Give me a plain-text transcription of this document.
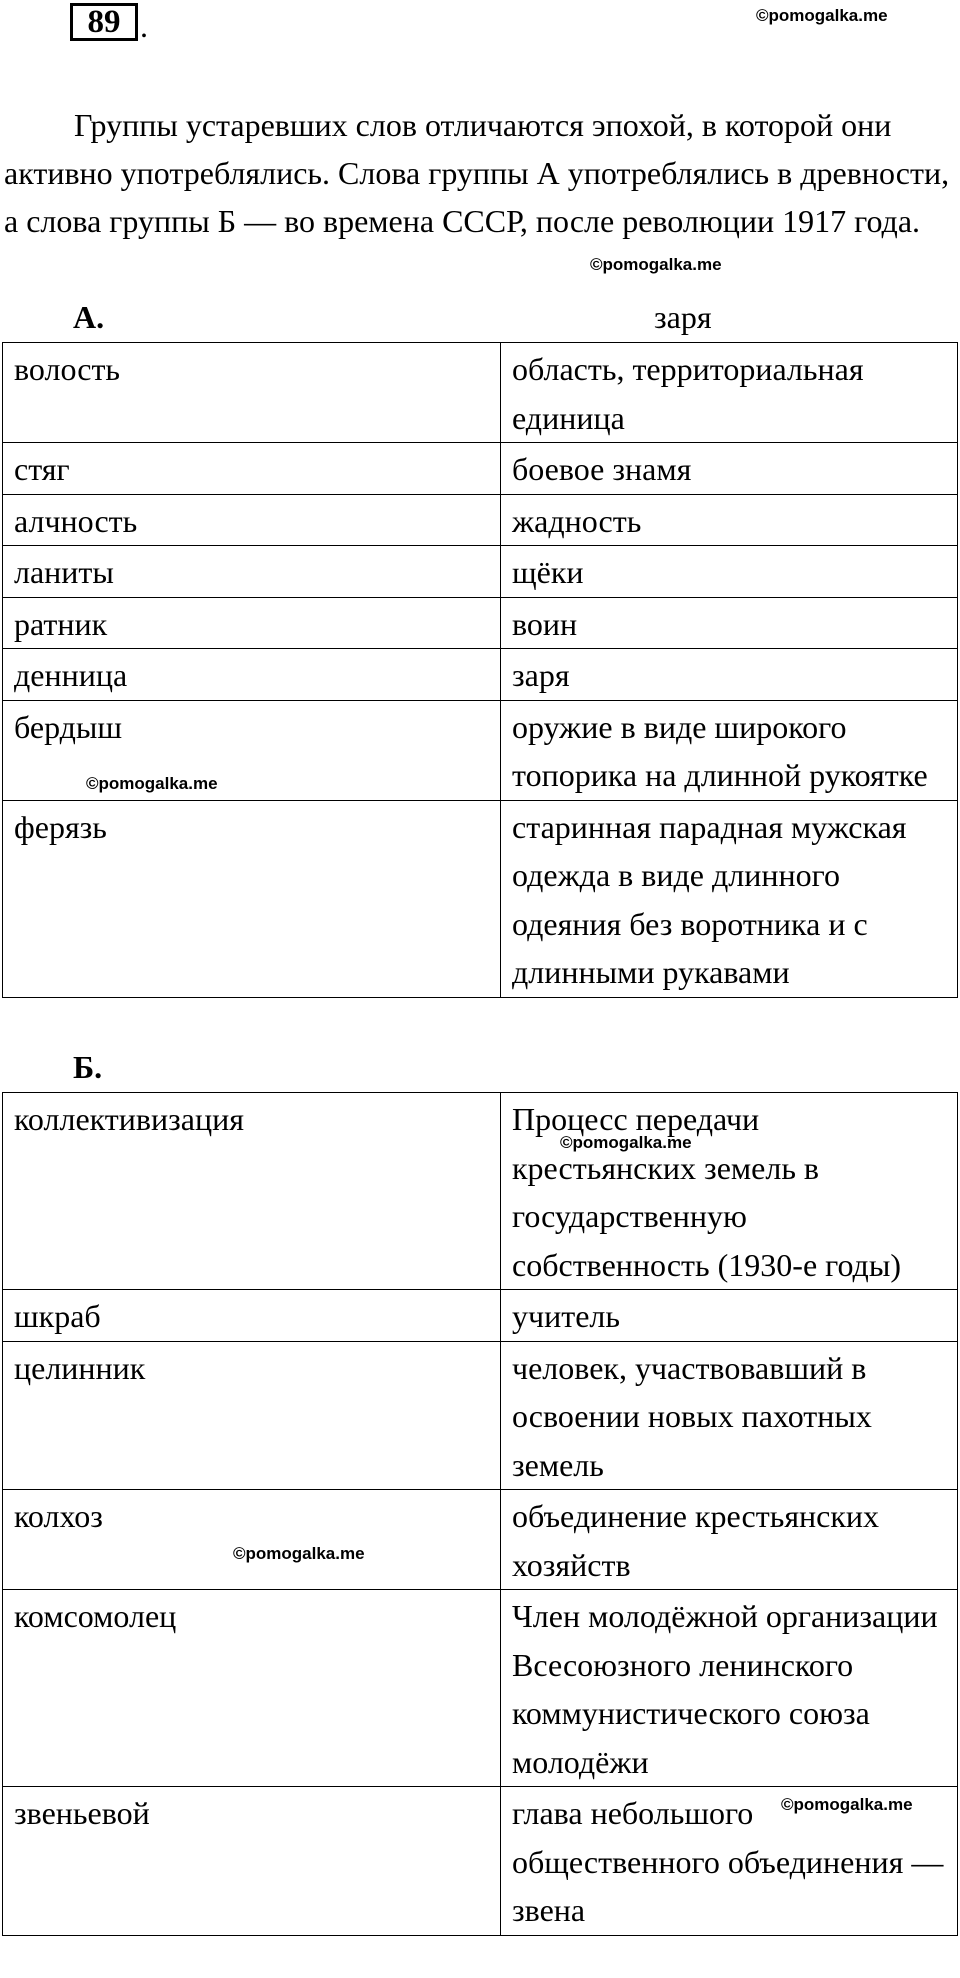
89 .	©pomogalka.me

Группы устаревших слов отличаются эпохой, в которой они активно употреблялись. Слова группы А употреблялись в древности, а слова группы Б — во времена СССР, после революции 1917 года.

©pomogalka.me
А.	заря
волость	область, территориальная единица
стяг	боевое знамя
алчность	жадность
ланиты	щёки
ратник	воин
денница	заря
бердыш	оружие в виде широкого топорика на длинной рукоятке
ферязь	старинная парадная мужская одежда в виде длинного одеяния без воротника и с длинными рукавами
©pomogalka.me
Б.
коллективизация	Процесс передачи крестьянских земель в государственную собственность (1930-е годы)
шкраб	учитель
целинник	человек, участвовавший в освоении новых пахотных земель
колхоз	объединение крестьянских хозяйств
комсомолец	Член молодёжной организации Всесоюзного ленинского коммунистического союза молодёжи
звеньевой	глава небольшого общественного объединения — звена
©pomogalka.me
©pomogalka.me
©pomogalka.me
